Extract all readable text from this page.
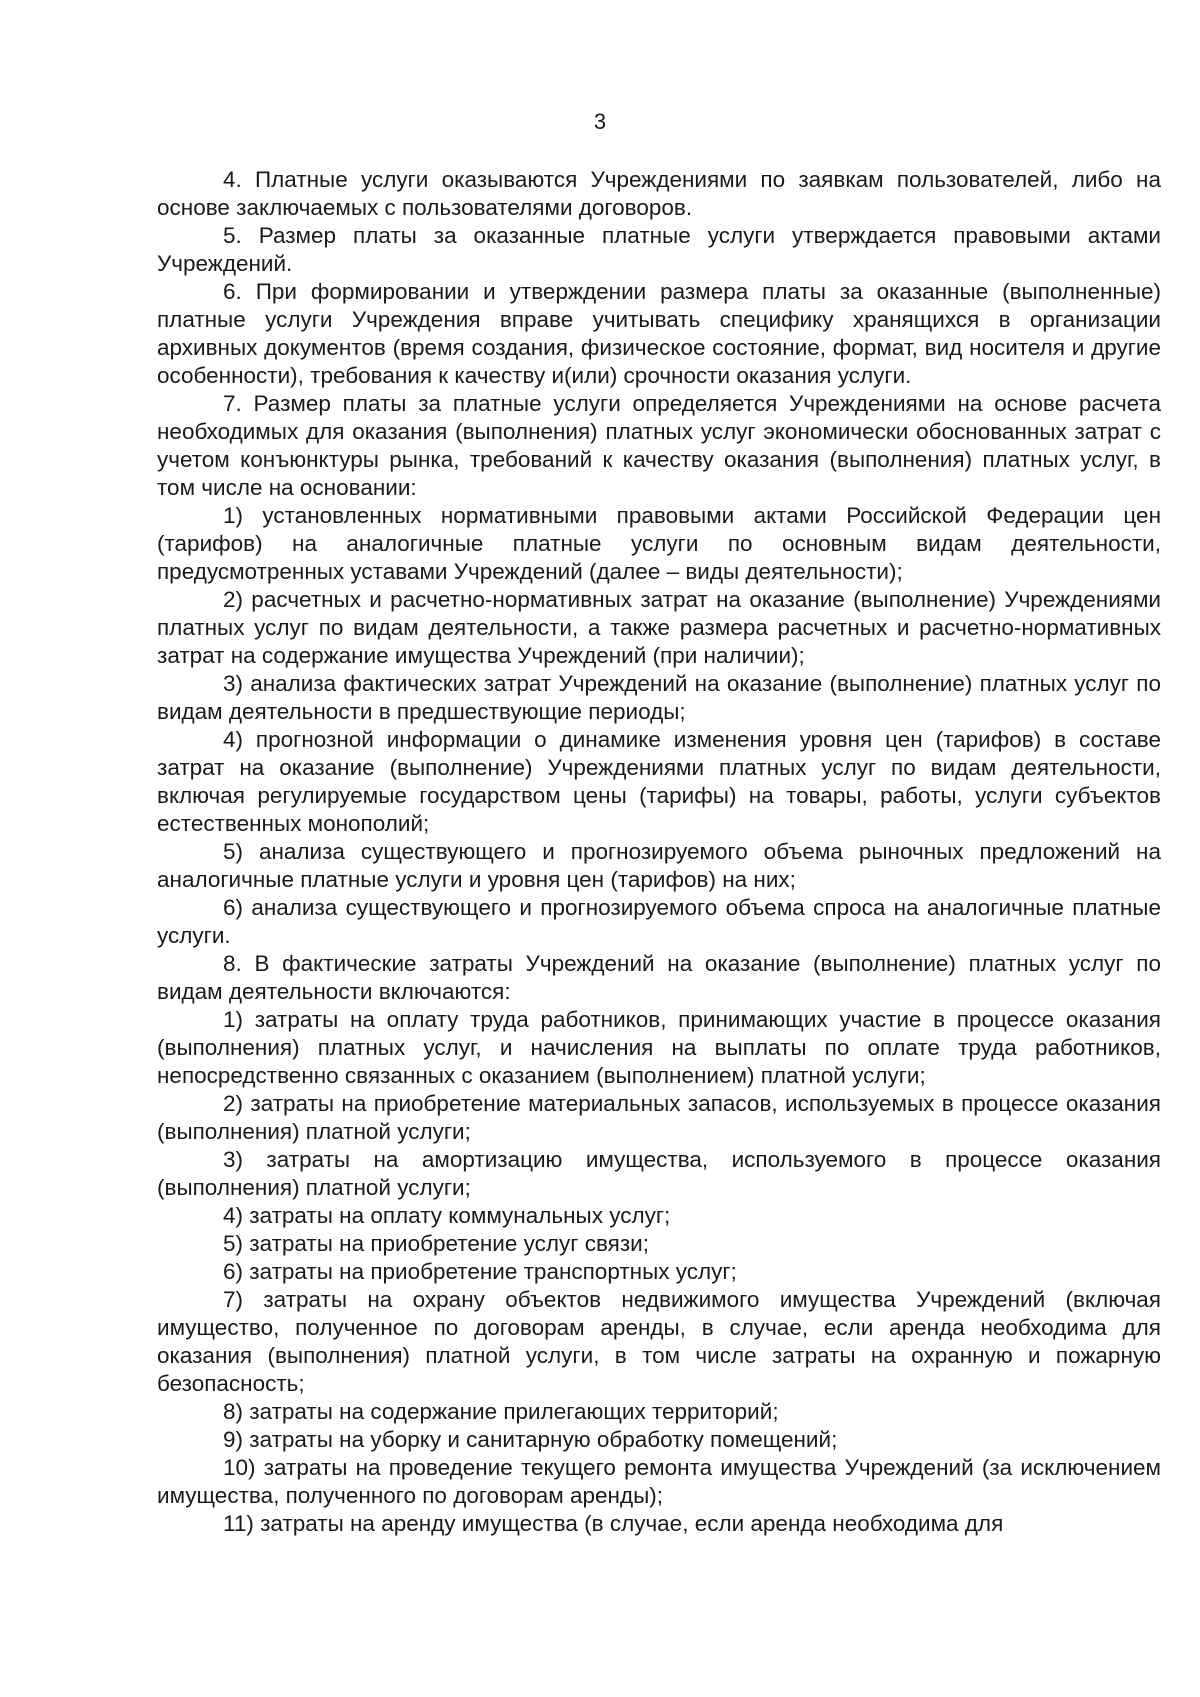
3

4. Платные услуги оказываются Учреждениями по заявкам пользователей, либо на основе заключаемых с пользователями договоров.

5. Размер платы за оказанные платные услуги утверждается правовыми актами Учреждений.

6. При формировании и утверждении размера платы за оказанные (выполненные) платные услуги Учреждения вправе учитывать специфику хранящихся в организации архивных документов (время создания, физическое состояние, формат, вид носителя и другие особенности), требования к качеству и(или) срочности оказания услуги.

7. Размер платы за платные услуги определяется Учреждениями на основе расчета необходимых для оказания (выполнения) платных услуг экономически обоснованных затрат с учетом конъюнктуры рынка, требований к качеству оказания (выполнения) платных услуг, в том числе на основании:

1) установленных нормативными правовыми актами Российской Федерации цен (тарифов) на аналогичные платные услуги по основным видам деятельности, предусмотренных уставами Учреждений (далее – виды деятельности);

2) расчетных и расчетно-нормативных затрат на оказание (выполнение) Учреждениями платных услуг по видам деятельности, а также размера расчетных и расчетно-нормативных затрат на содержание имущества Учреждений (при наличии);

3) анализа фактических затрат Учреждений на оказание (выполнение) платных услуг по видам деятельности в предшествующие периоды;

4) прогнозной информации о динамике изменения уровня цен (тарифов) в составе затрат на оказание (выполнение) Учреждениями платных услуг по видам деятельности, включая регулируемые государством цены (тарифы) на товары, работы, услуги субъектов естественных монополий;

5) анализа существующего и прогнозируемого объема рыночных предложений на аналогичные платные услуги и уровня цен (тарифов) на них;

6) анализа существующего и прогнозируемого объема спроса на аналогичные платные услуги.

8. В фактические затраты Учреждений на оказание (выполнение) платных услуг по видам деятельности включаются:

1) затраты на оплату труда работников, принимающих участие в процессе оказания (выполнения) платных услуг, и начисления на выплаты по оплате труда работников, непосредственно связанных с оказанием (выполнением) платной услуги;

2) затраты на приобретение материальных запасов, используемых в процессе оказания (выполнения) платной услуги;

3) затраты на амортизацию имущества, используемого в процессе оказания (выполнения) платной услуги;

4) затраты на оплату коммунальных услуг;

5) затраты на приобретение услуг связи;

6) затраты на приобретение транспортных услуг;

7) затраты на охрану объектов недвижимого имущества Учреждений (включая имущество, полученное по договорам аренды, в случае, если аренда необходима для оказания (выполнения) платной услуги, в том числе затраты на охранную и пожарную безопасность;

8) затраты на содержание прилегающих территорий;

9) затраты на уборку и санитарную обработку помещений;

10) затраты на проведение текущего ремонта имущества Учреждений (за исключением имущества, полученного по договорам аренды);

11) затраты на аренду имущества (в случае, если аренда необходима для
